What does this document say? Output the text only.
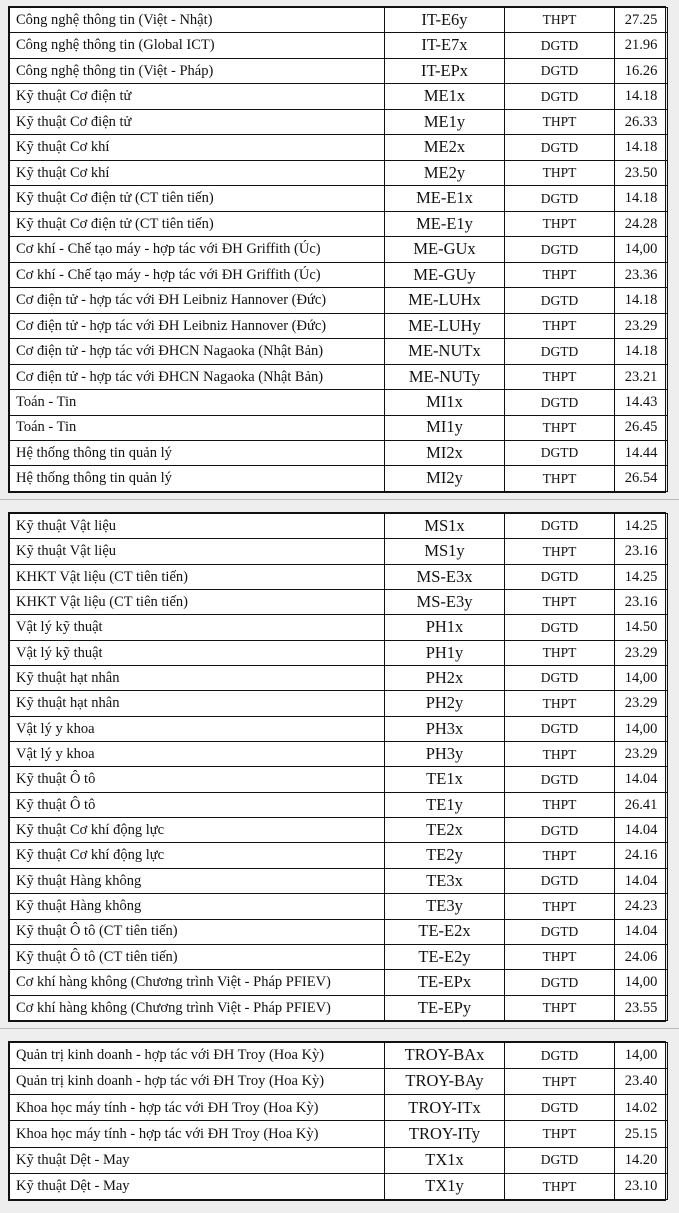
Công nghệ thông tin (Việt - Nhật)	IT-E6y	THPT	27.25
Công nghệ thông tin (Global ICT)	IT-E7x	DGTD	21.96
Công nghệ thông tin (Việt - Pháp)	IT-EPx	DGTD	16.26
Kỹ thuật Cơ điện tử	ME1x	DGTD	14.18
Kỹ thuật Cơ điện tử	ME1y	THPT	26.33
Kỹ thuật Cơ khí	ME2x	DGTD	14.18
Kỹ thuật Cơ khí	ME2y	THPT	23.50
Kỹ thuật Cơ điện tử (CT tiên tiến)	ME-E1x	DGTD	14.18
Kỹ thuật Cơ điện tử (CT tiên tiến)	ME-E1y	THPT	24.28
Cơ khí - Chế tạo máy - hợp tác với ĐH Griffith (Úc)	ME-GUx	DGTD	14,00
Cơ khí - Chế tạo máy - hợp tác với ĐH Griffith (Úc)	ME-GUy	THPT	23.36
Cơ điện tử - hợp tác với ĐH Leibniz Hannover (Đức)	ME-LUHx	DGTD	14.18
Cơ điện tử - hợp tác với ĐH Leibniz Hannover (Đức)	ME-LUHy	THPT	23.29
Cơ điện tử - hợp tác với ĐHCN Nagaoka (Nhật Bản)	ME-NUTx	DGTD	14.18
Cơ điện tử - hợp tác với ĐHCN Nagaoka (Nhật Bản)	ME-NUTy	THPT	23.21
Toán - Tin	MI1x	DGTD	14.43
Toán - Tin	MI1y	THPT	26.45
Hệ thống thông tin quản lý	MI2x	DGTD	14.44
Hệ thống thông tin quản lý	MI2y	THPT	26.54
Kỹ thuật Vật liệu	MS1x	DGTD	14.25
Kỹ thuật Vật liệu	MS1y	THPT	23.16
KHKT Vật liệu (CT tiên tiến)	MS-E3x	DGTD	14.25
KHKT Vật liệu (CT tiên tiến)	MS-E3y	THPT	23.16
Vật lý kỹ thuật	PH1x	DGTD	14.50
Vật lý kỹ thuật	PH1y	THPT	23.29
Kỹ thuật hạt nhân	PH2x	DGTD	14,00
Kỹ thuật hạt nhân	PH2y	THPT	23.29
Vật lý y khoa	PH3x	DGTD	14,00
Vật lý y khoa	PH3y	THPT	23.29
Kỹ thuật Ô tô	TE1x	DGTD	14.04
Kỹ thuật Ô tô	TE1y	THPT	26.41
Kỹ thuật Cơ khí động lực	TE2x	DGTD	14.04
Kỹ thuật Cơ khí động lực	TE2y	THPT	24.16
Kỹ thuật Hàng không	TE3x	DGTD	14.04
Kỹ thuật Hàng không	TE3y	THPT	24.23
Kỹ thuật Ô tô (CT tiên tiến)	TE-E2x	DGTD	14.04
Kỹ thuật Ô tô (CT tiên tiến)	TE-E2y	THPT	24.06
Cơ khí hàng không (Chương trình Việt - Pháp PFIEV)	TE-EPx	DGTD	14,00
Cơ khí hàng không (Chương trình Việt - Pháp PFIEV)	TE-EPy	THPT	23.55
Quản trị kinh doanh - hợp tác với ĐH Troy (Hoa Kỳ)	TROY-BAx	DGTD	14,00
Quản trị kinh doanh - hợp tác với ĐH Troy (Hoa Kỳ)	TROY-BAy	THPT	23.40
Khoa học máy tính - hợp tác với ĐH Troy (Hoa Kỳ)	TROY-ITx	DGTD	14.02
Khoa học máy tính - hợp tác với ĐH Troy (Hoa Kỳ)	TROY-ITy	THPT	25.15
Kỹ thuật Dệt - May	TX1x	DGTD	14.20
Kỹ thuật Dệt - May	TX1y	THPT	23.10
